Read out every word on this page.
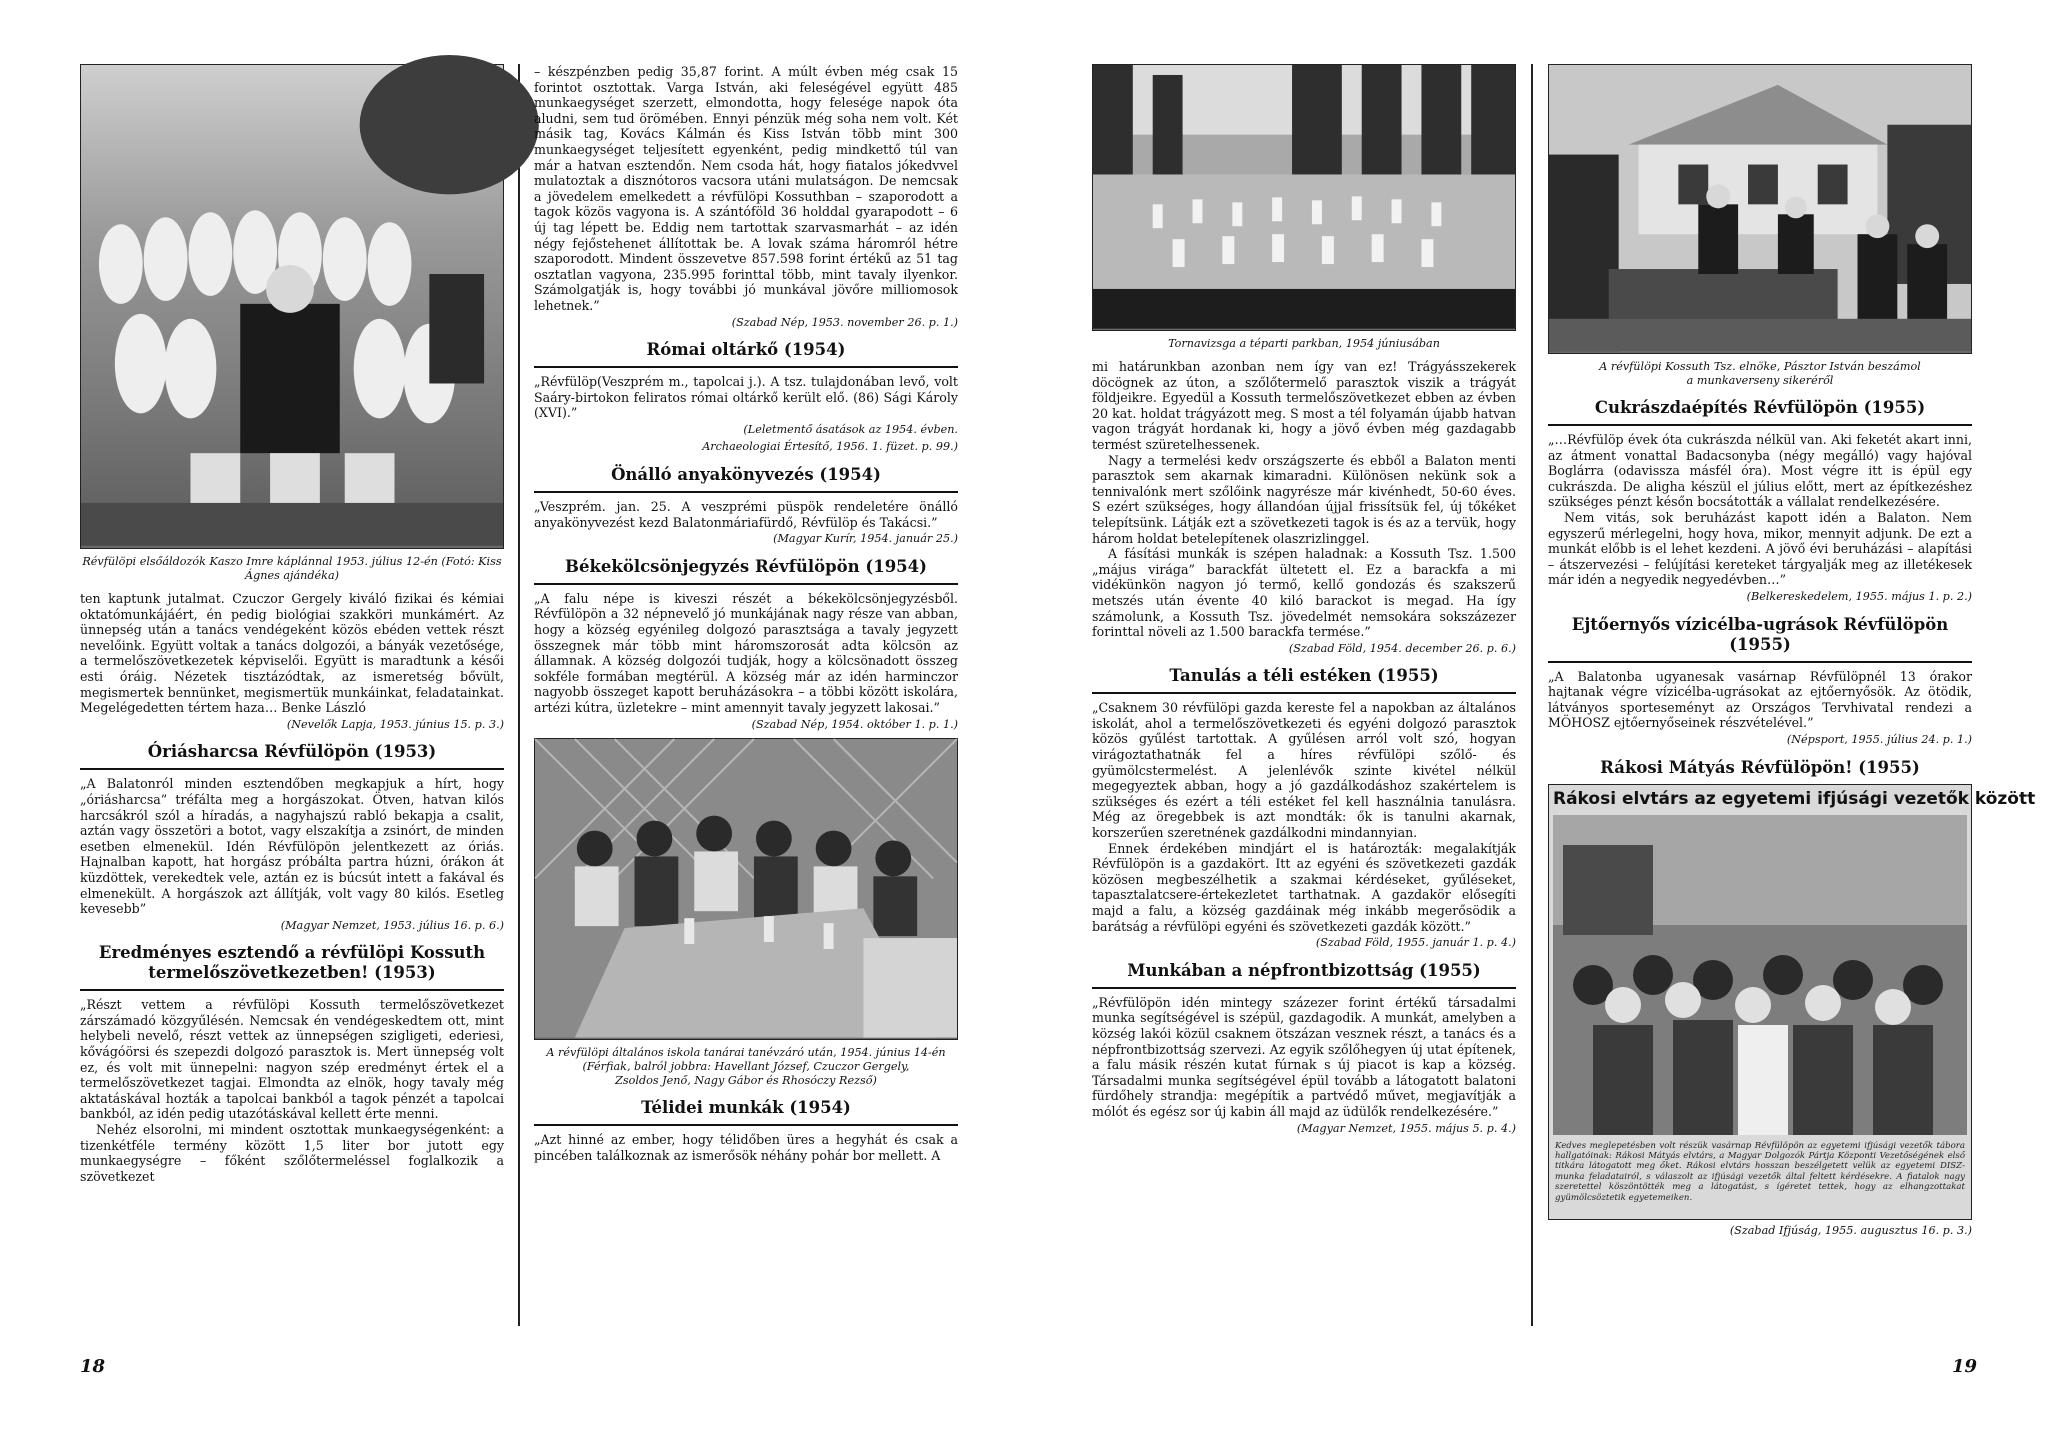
Révfülöpi elsőáldozók Kaszo Imre káplánnal 1953. július 12-én (Fotó: Kiss Ágnes ajándéka)

ten kaptunk jutalmat. Czuczor Gergely kiváló fizikai és kémiai oktatómunkájáért, én pedig biológiai szakköri munkámért. Az ünnepség után a tanács vendégeként közös ebéden vettek részt nevelőink. Együtt voltak a tanács dolgozói, a bányák vezetősége, a termelőszövetkezetek képviselői. Együtt is maradtunk a késői esti óráig. Nézetek tisztázódtak, az ismeretség bővült, megismertek bennünket, megismertük munkáinkat, feladatainkat. Megelégedetten tértem haza… Benke László

(Nevelők Lapja, 1953. június 15. p. 3.)
Óriásharcsa Révfülöpön (1953)

„A Balatonról minden esztendőben megkapjuk a hírt, hogy „óriásharcsa” tréfálta meg a horgászokat. Ötven, hatvan kilós harcsákról szól a híradás, a nagyhajszú rabló bekapja a csalit, aztán vagy összetöri a botot, vagy elszakítja a zsinórt, de minden esetben elmenekül. Idén Révfülöpön jelentkezett az óriás. Hajnalban kapott, hat horgász próbálta partra húzni, órákon át küzdöttek, verekedtek vele, aztán ez is búcsút intett a fakával és elmenekült. A horgászok azt állítják, volt vagy 80 kilós. Esetleg kevesebb”

(Magyar Nemzet, 1953. július 16. p. 6.)
Eredményes esztendő a révfülöpi Kossuth termelőszövetkezetben! (1953)

„Részt vettem a révfülöpi Kossuth termelőszövetkezet zárszámadó közgyűlésén. Nemcsak én vendégeskedtem ott, mint helybeli nevelő, részt vettek az ünnepségen szigligeti, ederiesi, kővágóörsi és szepezdi dolgozó parasztok is. Mert ünnepség volt ez, és volt mit ünnepelni: nagyon szép eredményt értek el a termelőszövetkezet tagjai. Elmondta az elnök, hogy tavaly még aktatáskával hozták a tapolcai bankból a tagok pénzét a tapolcai bankból, az idén pedig utazótáskával kellett érte menni.

Nehéz elsorolni, mi mindent osztottak munkaegységenként: a tizenkétféle termény között 1,5 liter bor jutott egy munkaegységre – főként szőlőtermeléssel foglalkozik a szövetkezet

– készpénzben pedig 35,87 forint. A múlt évben még csak 15 forintot osztottak. Varga István, aki feleségével együtt 485 munkaegységet szerzett, elmondotta, hogy felesége napok óta aludni, sem tud örömében. Ennyi pénzük még soha nem volt. Két másik tag, Kovács Kálmán és Kiss István több mint 300 munkaegységet teljesített egyenként, pedig mindkettő túl van már a hatvan esztendőn. Nem csoda hát, hogy fiatalos jókedvvel mulatoztak a disznótoros vacsora utáni mulatságon. De nemcsak a jövedelem emelkedett a révfülöpi Kossuthban – szaporodott a tagok közös vagyona is. A szántóföld 36 holddal gyarapodott – 6 új tag lépett be. Eddig nem tartottak szarvasmarhát – az idén négy fejőstehenet állítottak be. A lovak száma háromról hétre szaporodott. Mindent összevetve 857.598 forint értékű az 51 tag osztatlan vagyona, 235.995 forinttal több, mint tavaly ilyenkor. Számolgatják is, hogy további jó munkával jövőre milliomosok lehetnek.”

(Szabad Nép, 1953. november 26. p. 1.)
Római oltárkő (1954)

„Révfülöp(Veszprém m., tapolcai j.). A tsz. tulajdonában levő, volt Saáry-birtokon feliratos római oltárkő került elő. (86) Sági Károly (XVI).”

(Leletmentő ásatások az 1954. évben.
Archaeologiai Értesítő, 1956. 1. füzet. p. 99.)
Önálló anyakönyvezés (1954)

„Veszprém. jan. 25. A veszprémi püspök rendeletére önálló anyakönyvezést kezd Balatonmáriafürdő, Révfülöp és Takácsi.”

(Magyar Kurír, 1954. január 25.)
Békekölcsönjegyzés Révfülöpön (1954)

„A falu népe is kiveszi részét a békekölcsönjegyzésből. Révfülöpön a 32 népnevelő jó munkájának nagy része van abban, hogy a község egyénileg dolgozó parasztsága a tavaly jegyzett összegnek már több mint háromszorosát adta kölcsön az államnak. A község dolgozói tudják, hogy a kölcsönadott összeg sokféle formában megtérül. A község már az idén harminczor nagyobb összeget kapott beruházásokra – a többi között iskolára, artézi kútra, üzletekre – mint amennyit tavaly jegyzett lakosai.”

(Szabad Nép, 1954. október 1. p. 1.)
A révfülöpi általános iskola tanárai tanévzáró után, 1954. június 14-én
(Férfiak, balról jobbra: Havellant József, Czuczor Gergely,
Zsoldos Jenő, Nagy Gábor és Rhosóczy Rezső)
Télidei munkák (1954)

„Azt hinné az ember, hogy télidőben üres a hegyhát és csak a pincében találkoznak az ismerősök néhány pohár bor mellett. A

Tornavizsga a téparti parkban, 1954 júniusában

mi határunkban azonban nem így van ez! Trágyásszekerek döcögnek az úton, a szőlőtermelő parasztok viszik a trágyát földjeikre. Egyedül a Kossuth termelőszövetkezet ebben az évben 20 kat. holdat trágyázott meg. S most a tél folyamán újabb hatvan vagon trágyát hordanak ki, hogy a jövő évben még gazdagabb termést szüretelhessenek.

Nagy a termelési kedv országszerte és ebből a Balaton menti parasztok sem akarnak kimaradni. Különösen nekünk sok a tennivalónk mert szőlőink nagyrésze már kivénhedt, 50-60 éves. S ezért szükséges, hogy állandóan újjal frissítsük fel, új tőkéket telepítsünk. Látják ezt a szövetkezeti tagok is és az a tervük, hogy három holdat betelepítenek olaszrizlinggel.

A fásítási munkák is szépen haladnak: a Kossuth Tsz. 1.500 „május virága” barackfát ültetett el. Ez a barackfa a mi vidékünkön nagyon jó termő, kellő gondozás és szakszerű metszés után évente 40 kiló barackot is megad. Ha így számolunk, a Kossuth Tsz. jövedelmét nemsokára sokszázezer forinttal növeli az 1.500 barackfa termése.”

(Szabad Föld, 1954. december 26. p. 6.)
Tanulás a téli estéken (1955)

„Csaknem 30 révfülöpi gazda kereste fel a napokban az általános iskolát, ahol a termelőszövetkezeti és egyéni dolgozó parasztok közös gyűlést tartottak. A gyűlésen arról volt szó, hogyan virágoztathatnák fel a híres révfülöpi szőlő- és gyümölcstermelést. A jelenlévők szinte kivétel nélkül megegyeztek abban, hogy a jó gazdálkodáshoz szakértelem is szükséges és ezért a téli estéket fel kell használnia tanulásra. Még az öregebbek is azt mondták: ők is tanulni akarnak, korszerűen szeretnének gazdálkodni mindannyian.

Ennek érdekében mindjárt el is határozták: megalakítják Révfülöpön is a gazdakört. Itt az egyéni és szövetkezeti gazdák közösen megbeszélhetik a szakmai kérdéseket, gyűléseket, tapasztalatcsere-értekezletet tarthatnak. A gazdakör elősegíti majd a falu, a község gazdáinak még inkább megerősödik a barátság a révfülöpi egyéni és szövetkezeti gazdák között.”

(Szabad Föld, 1955. január 1. p. 4.)
Munkában a népfrontbizottság (1955)

„Révfülöpön idén mintegy százezer forint értékű társadalmi munka segítségével is szépül, gazdagodik. A munkát, amelyben a község lakói közül csaknem ötszázan vesznek részt, a tanács és a népfrontbizottság szervezi. Az egyik szőlőhegyen új utat építenek, a falu másik részén kutat fúrnak s új piacot is kap a község. Társadalmi munka segítségével épül tovább a látogatott balatoni fürdőhely strandja: megépítik a partvédő művet, megjavítják a mólót és egész sor új kabin áll majd az üdülők rendelkezésére.”

(Magyar Nemzet, 1955. május 5. p. 4.)
A révfülöpi Kossuth Tsz. elnöke, Pásztor István beszámol
a munkaverseny sikeréről
Cukrászdaépítés Révfülöpön (1955)

„…Révfülöp évek óta cukrászda nélkül van. Aki feketét akart inni, az átment vonattal Badacsonyba (négy megálló) vagy hajóval Boglárra (odavissza másfél óra). Most végre itt is épül egy cukrászda. De aligha készül el július előtt, mert az építkezéshez szükséges pénzt későn bocsátották a vállalat rendelkezésére.

Nem vitás, sok beruházást kapott idén a Balaton. Nem egyszerű mérlegelni, hogy hova, mikor, mennyit adjunk. De ezt a munkát előbb is el lehet kezdeni. A jövő évi beruházási – alapítási – átszervezési – felújítási kereteket tárgyalják meg az illetékesek már idén a negyedik negyedévben…”

(Belkereskedelem, 1955. május 1. p. 2.)
Ejtőernyős vízicélba-ugrások Révfülöpön (1955)

„A Balatonba ugyanesak vasárnap Révfülöpnél 13 órakor hajtanak végre vízicélba-ugrásokat az ejtőernyősök. Az ötödik, látványos sporteseményt az Országos Tervhivatal rendezi a MÖHOSZ ejtőernyőseinek részvételével.”

(Népsport, 1955. július 24. p. 1.)
Rákosi Mátyás Révfülöpön! (1955)
Rákosi elvtárs az egyetemi ifjúsági vezetők között
Kedves meglepetésben volt részük vasárnap Révfülöpön az egyetemi ifjúsági vezetők tábora hallgatóinak: Rákosi Mátyás elvtárs, a Magyar Dolgozók Pártja Központi Vezetőségének első titkára látogatott meg őket. Rákosi elvtárs hosszan beszélgetett velük az egyetemi DISZ-munka feladatairól, s válaszolt az ifjúsági vezetők által feltett kérdésekre. A fiatalok nagy szeretettel köszöntötték meg a látogatást, s ígéretet tettek, hogy az elhangzottakat gyümölcsöztetik egyetemeiken.
(Szabad Ifjúság, 1955. augusztus 16. p. 3.)
18	19
